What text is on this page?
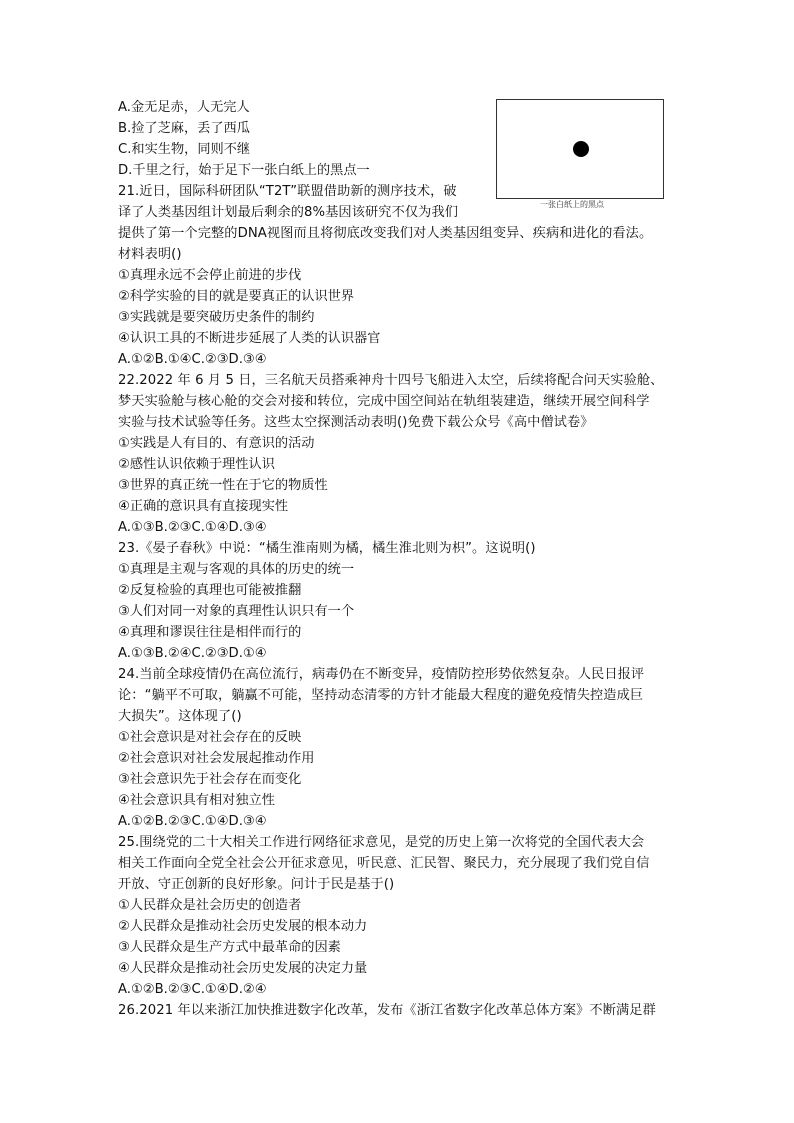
一张白纸上的黑点
A.金无足赤，人无完人
B.捡了芝麻，丢了西瓜
C.和实生物，同则不继
D.千里之行，始于足下一张白纸上的黑点一
21.近日，国际科研团队“T2T”联盟借助新的测序技术，破
译了人类基因组计划最后剩余的8%基因该研究不仅为我们
提供了第一个完整的DNA视图而且将彻底改变我们对人类基因组变异、疾病和进化的看法。
材料表明()
①真理永远不会停止前进的步伐
②科学实验的目的就是要真正的认识世界
③实践就是要突破历史条件的制约
④认识工具的不断进步延展了人类的认识器官
A.①②B.①④C.②③D.③④
22.2022 年 6 月 5 日，三名航天员搭乘神舟十四号飞船进入太空，后续将配合问天实验舱、
梦天实验舱与核心舱的交会对接和转位，完成中国空间站在轨组装建造，继续开展空间科学
实验与技术试验等任务。这些太空探测活动表明()免费下载公众号《高中僧试卷》
①实践是人有目的、有意识的活动
②感性认识依赖于理性认识
③世界的真正统一性在于它的物质性
④正确的意识具有直接现实性
A.①③B.②③C.①④D.③④
23.《晏子春秋》中说：“橘生淮南则为橘，橘生淮北则为枳”。这说明()
①真理是主观与客观的具体的历史的统一
②反复检验的真理也可能被推翻
③人们对同一对象的真理性认识只有一个
④真理和谬误往往是相伴而行的
A.①③B.②④C.②③D.①④
24.当前全球疫情仍在高位流行，病毒仍在不断变异，疫情防控形势依然复杂。人民日报评
论：“躺平不可取，躺赢不可能，坚持动态清零的方针才能最大程度的避免疫情失控造成巨
大损失”。这体现了()
①社会意识是对社会存在的反映
②社会意识对社会发展起推动作用
③社会意识先于社会存在而变化
④社会意识具有相对独立性
A.①②B.②③C.①④D.③④
25.围绕党的二十大相关工作进行网络征求意见，是党的历史上第一次将党的全国代表大会
相关工作面向全党全社会公开征求意见，听民意、汇民智、聚民力，充分展现了我们党自信
开放、守正创新的良好形象。问计于民是基于()
①人民群众是社会历史的创造者
②人民群众是推动社会历史发展的根本动力
③人民群众是生产方式中最革命的因素
④人民群众是推动社会历史发展的决定力量
A.①②B.②③C.①④D.②④
26.2021 年以来浙江加快推进数字化改革，发布《浙江省数字化改革总体方案》不断满足群
